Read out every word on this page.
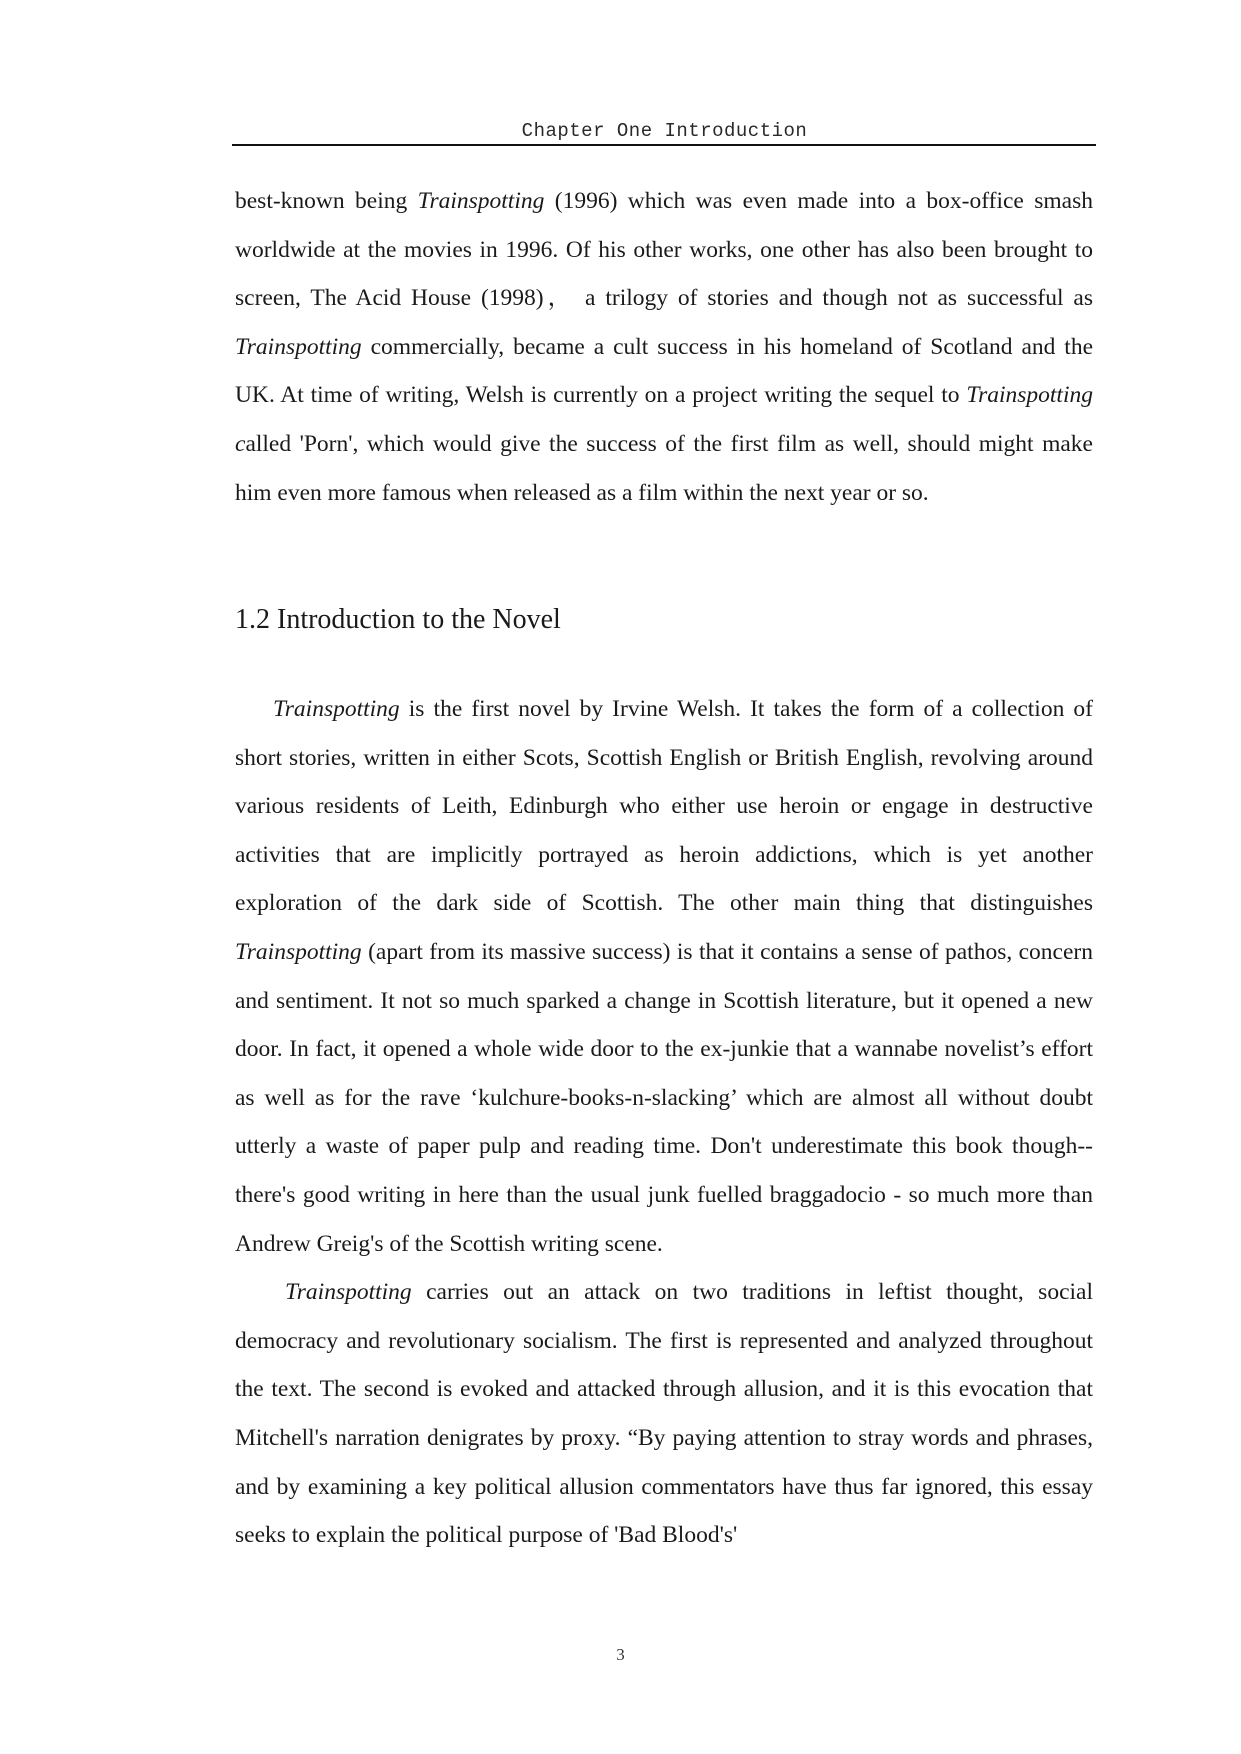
Chapter One Introduction

best-known being Trainspotting (1996) which was even made into a box-office smash worldwide at the movies in 1996. Of his other works, one other has also been brought to screen, The Acid House (1998)， a trilogy of stories and though not as successful as Trainspotting commercially, became a cult success in his homeland of Scotland and the UK. At time of writing, Welsh is currently on a project writing the sequel to Trainspotting called 'Porn', which would give the success of the first film as well, should might make him even more famous when released as a film within the next year or so.

1.2 Introduction to the Novel

Trainspotting is the first novel by Irvine Welsh. It takes the form of a collection of short stories, written in either Scots, Scottish English or British English, revolving around various residents of Leith, Edinburgh who either use heroin or engage in destructive activities that are implicitly portrayed as heroin addictions, which is yet another exploration of the dark side of Scottish. The other main thing that distinguishes Trainspotting (apart from its massive success) is that it contains a sense of pathos, concern and sentiment. It not so much sparked a change in Scottish literature, but it opened a new door. In fact, it opened a whole wide door to the ex-junkie that a wannabe novelist’s effort as well as for the rave ‘kulchure-books-n-slacking’ which are almost all without doubt utterly a waste of paper pulp and reading time. Don't underestimate this book though-- there's good writing in here than the usual junk fuelled braggadocio - so much more than Andrew Greig's of the Scottish writing scene.

Trainspotting carries out an attack on two traditions in leftist thought, social democracy and revolutionary socialism. The first is represented and analyzed throughout the text. The second is evoked and attacked through allusion, and it is this evocation that Mitchell's narration denigrates by proxy. “By paying attention to stray words and phrases, and by examining a key political allusion commentators have thus far ignored, this essay seeks to explain the political purpose of 'Bad Blood's'

3
